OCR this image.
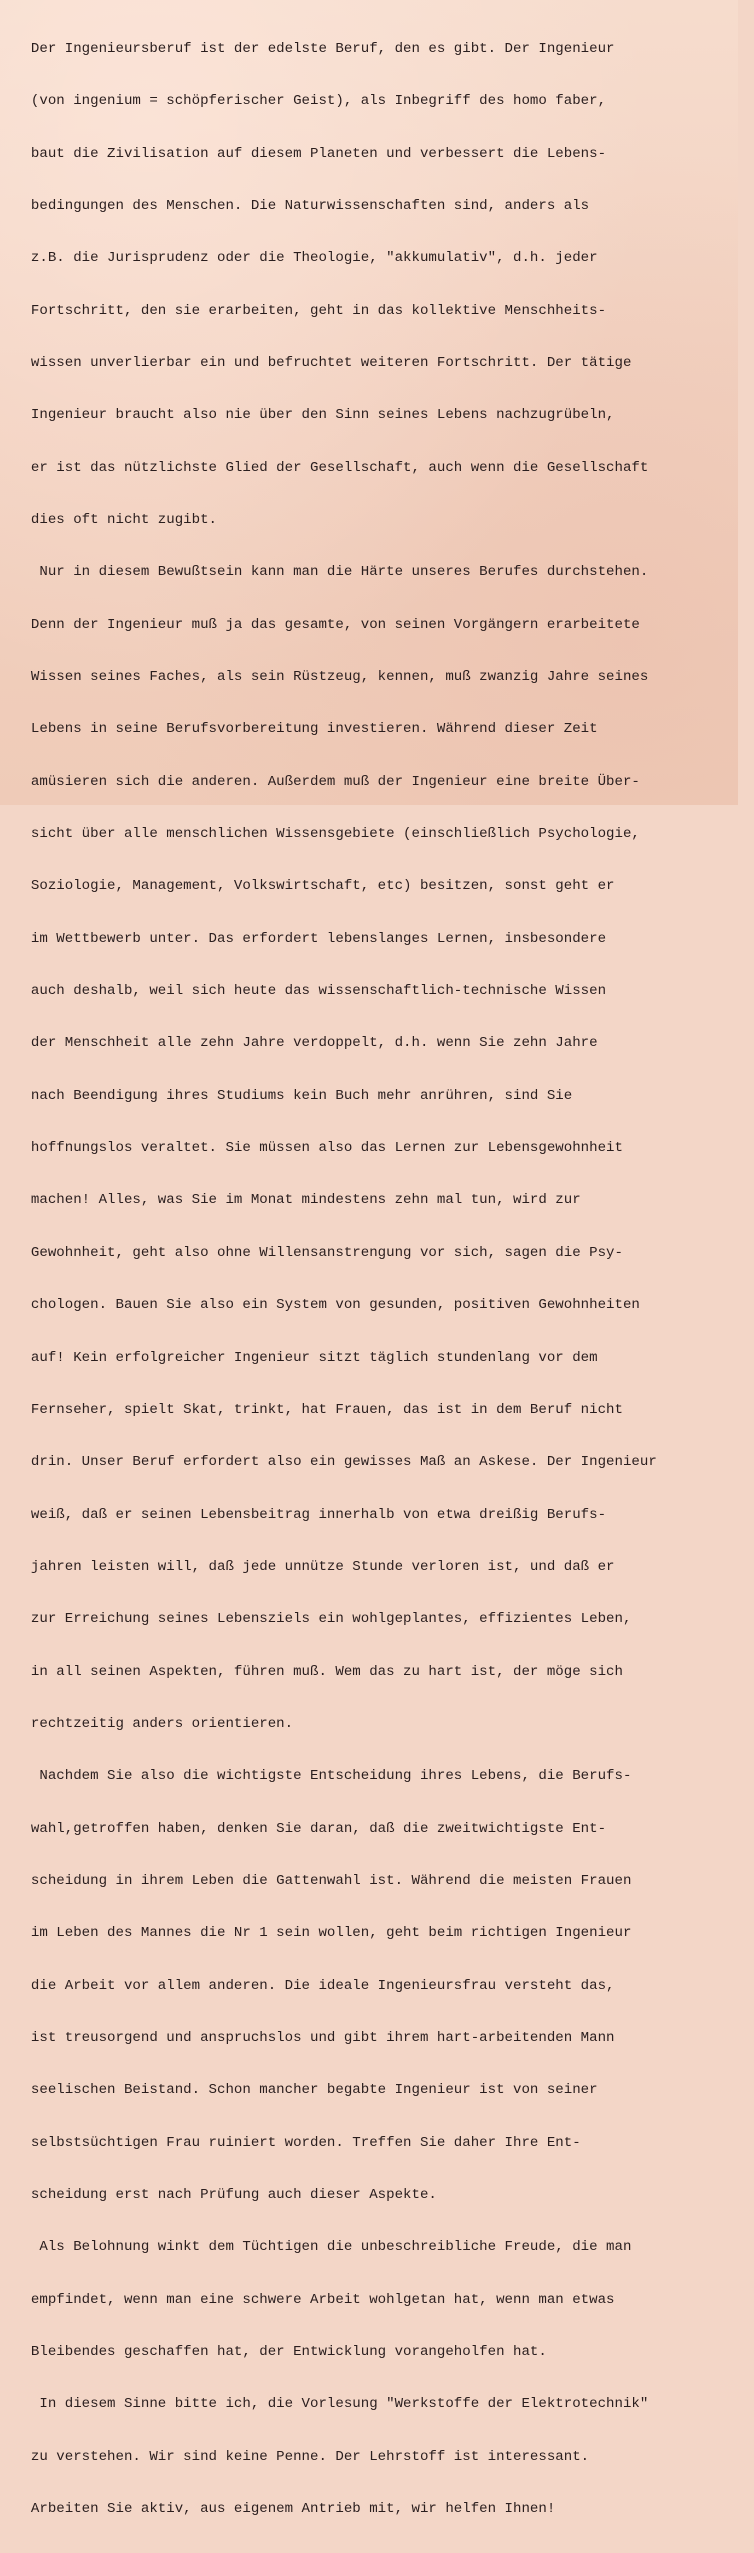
Der Ingenieursberuf ist der edelste Beruf, den es gibt. Der Ingenieur

(von ingenium = schöpferischer Geist), als Inbegriff des homo faber,

baut die Zivilisation auf diesem Planeten und verbessert die Lebens-

bedingungen des Menschen. Die Naturwissenschaften sind, anders als

z.B. die Jurisprudenz oder die Theologie, "akkumulativ", d.h. jeder

Fortschritt, den sie erarbeiten, geht in das kollektive Menschheits-

wissen unverlierbar ein und befruchtet weiteren Fortschritt. Der tätige

Ingenieur braucht also nie über den Sinn seines Lebens nachzugrübeln,

er ist das nützlichste Glied der Gesellschaft, auch wenn die Gesellschaft

dies oft nicht zugibt.

Nur in diesem Bewußtsein kann man die Härte unseres Berufes durchstehen.

Denn der Ingenieur muß ja das gesamte, von seinen Vorgängern erarbeitete

Wissen seines Faches, als sein Rüstzeug, kennen, muß zwanzig Jahre seines

Lebens in seine Berufsvorbereitung investieren. Während dieser Zeit

amüsieren sich die anderen. Außerdem muß der Ingenieur eine breite Über-

sicht über alle menschlichen Wissensgebiete (einschließlich Psychologie,

Soziologie, Management, Volkswirtschaft, etc) besitzen, sonst geht er

im Wettbewerb unter. Das erfordert lebenslanges Lernen, insbesondere

auch deshalb, weil sich heute das wissenschaftlich-technische Wissen

der Menschheit alle zehn Jahre verdoppelt, d.h. wenn Sie zehn Jahre

nach Beendigung ihres Studiums kein Buch mehr anrühren, sind Sie

hoffnungslos veraltet. Sie müssen also das Lernen zur Lebensgewohnheit

machen! Alles, was Sie im Monat mindestens zehn mal tun, wird zur

Gewohnheit, geht also ohne Willensanstrengung vor sich, sagen die Psy-

chologen. Bauen Sie also ein System von gesunden, positiven Gewohnheiten

auf! Kein erfolgreicher Ingenieur sitzt täglich stundenlang vor dem

Fernseher, spielt Skat, trinkt, hat Frauen, das ist in dem Beruf nicht

drin. Unser Beruf erfordert also ein gewisses Maß an Askese. Der Ingenieur

weiß, daß er seinen Lebensbeitrag innerhalb von etwa dreißig Berufs-

jahren leisten will, daß jede unnütze Stunde verloren ist, und daß er

zur Erreichung seines Lebensziels ein wohlgeplantes, effizientes Leben,

in all seinen Aspekten, führen muß. Wem das zu hart ist, der möge sich

rechtzeitig anders orientieren.

Nachdem Sie also die wichtigste Entscheidung ihres Lebens, die Berufs-

wahl,getroffen haben, denken Sie daran, daß die zweitwichtigste Ent-

scheidung in ihrem Leben die Gattenwahl ist. Während die meisten Frauen

im Leben des Mannes die Nr 1 sein wollen, geht beim richtigen Ingenieur

die Arbeit vor allem anderen. Die ideale Ingenieursfrau versteht das,

ist treusorgend und anspruchslos und gibt ihrem hart-arbeitenden Mann

seelischen Beistand. Schon mancher begabte Ingenieur ist von seiner

selbstsüchtigen Frau ruiniert worden. Treffen Sie daher Ihre Ent-

scheidung erst nach Prüfung auch dieser Aspekte.

Als Belohnung winkt dem Tüchtigen die unbeschreibliche Freude, die man

empfindet, wenn man eine schwere Arbeit wohlgetan hat, wenn man etwas

Bleibendes geschaffen hat, der Entwicklung vorangeholfen hat.

In diesem Sinne bitte ich, die Vorlesung "Werkstoffe der Elektrotechnik"

zu verstehen. Wir sind keine Penne. Der Lehrstoff ist interessant.

Arbeiten Sie aktiv, aus eigenem Antrieb mit, wir helfen Ihnen!
